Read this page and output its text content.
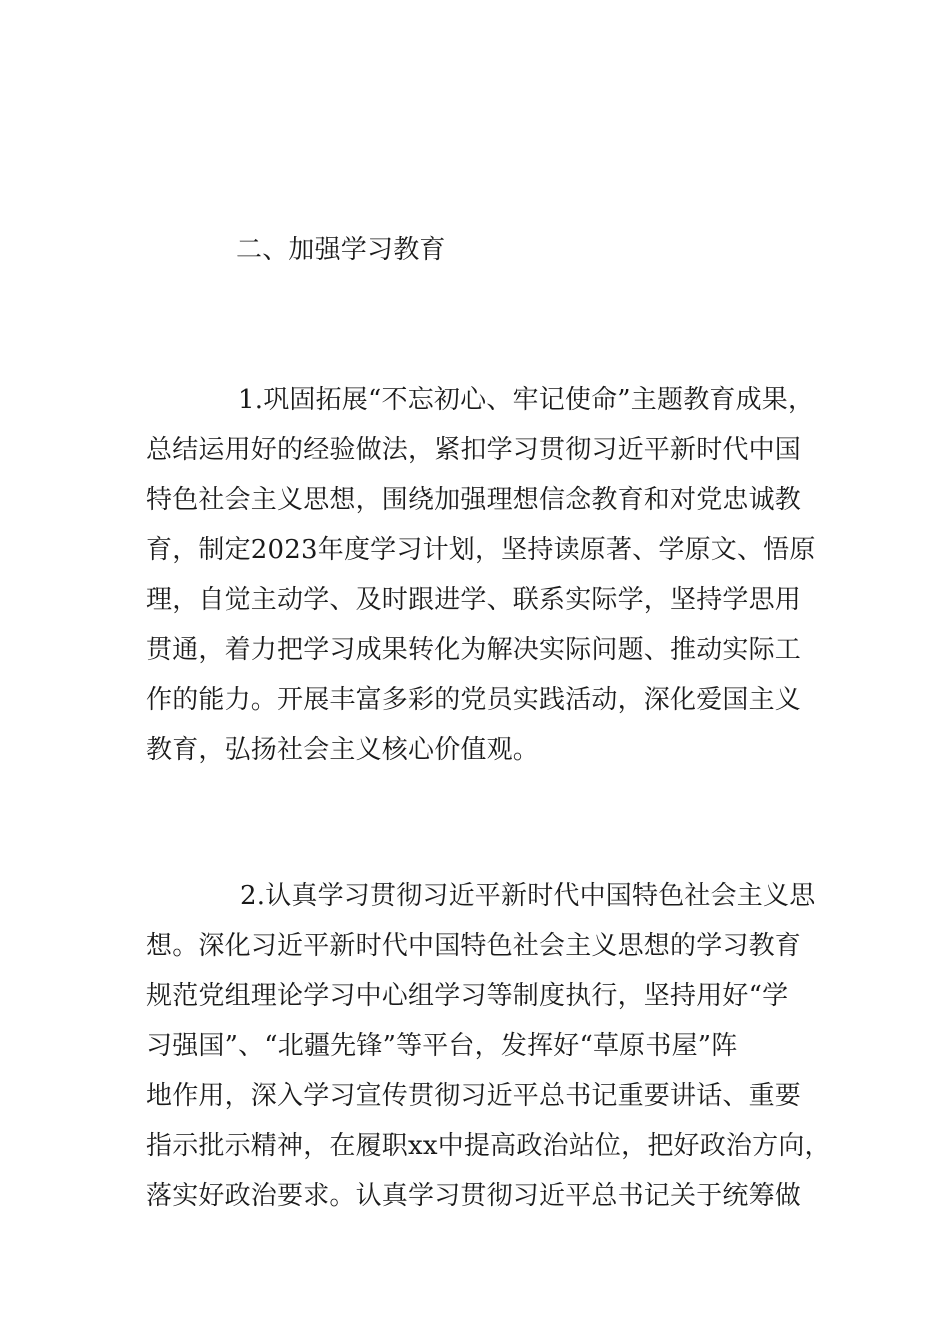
二、加强学习教育
1.巩固拓展“不忘初心、牢记使命”主题教育成果，
总结运用好的经验做法，紧扣学习贯彻习近平新时代中国
特色社会主义思想，围绕加强理想信念教育和对党忠诚教
育，制定2023年度学习计划，坚持读原著、学原文、悟原
理，自觉主动学、及时跟进学、联系实际学，坚持学思用
贯通，着力把学习成果转化为解决实际问题、推动实际工
作的能力。开展丰富多彩的党员实践活动，深化爱国主义
教育，弘扬社会主义核心价值观。
2.认真学习贯彻习近平新时代中国特色社会主义思
想。深化习近平新时代中国特色社会主义思想的学习教育
规范党组理论学习中心组学习等制度执行，坚持用好“学
习强国”、“北疆先锋”等平台，发挥好“草原书屋”阵
地作用，深入学习宣传贯彻习近平总书记重要讲话、重要
指示批示精神，在履职xx中提高政治站位，把好政治方向，
落实好政治要求。认真学习贯彻习近平总书记关于统筹做
